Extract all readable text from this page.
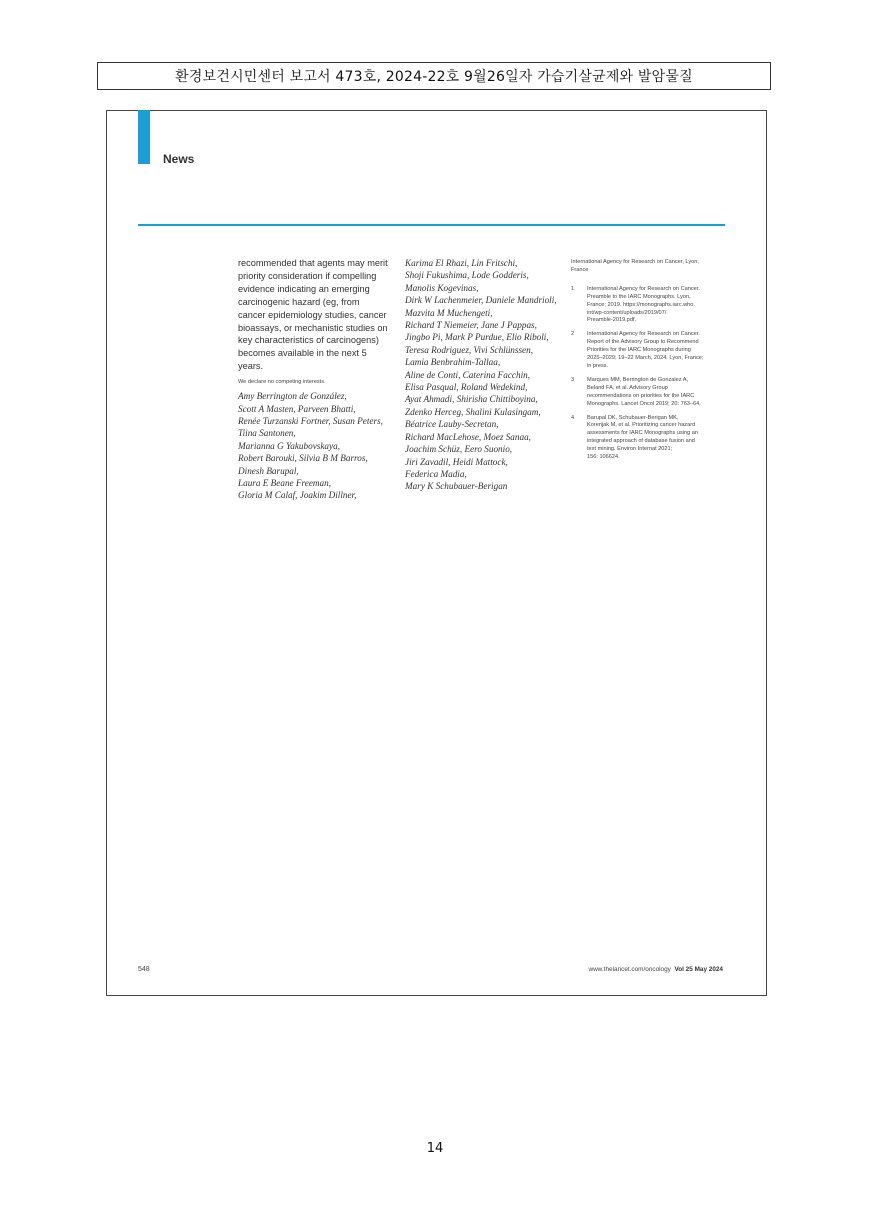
환경보건시민센터 보고서 473호, 2024-22호 9월26일자 가습기살균제와 발암물질
News

recommended that agents may merit
priority consideration if compelling
evidence indicating an emerging
carcinogenic hazard (eg, from
cancer epidemiology studies, cancer
bioassays, or mechanistic studies on
key characteristics of carcinogens)
becomes available in the next 5 years.

We declare no competing interests.
Amy Berrington de González,
Scott A Masten, Parveen Bhatti,
Renée Turzanski Fortner, Susan Peters,
Tiina Santonen,
Marianna G Yakubovskaya,
Robert Barouki, Silvia B M Barros,
Dinesh Barupal,
Laura E Beane Freeman,
Gloria M Calaf, Joakim Dillner,
Karima El Rhazi, Lin Fritschi,
Shoji Fukushima, Lode Godderis,
Manolis Kogevinas,
Dirk W Lachenmeier, Daniele Mandrioli,
Mazvita M Muchengeti,
Richard T Niemeier, Jane J Pappas,
Jingbo Pi, Mark P Purdue, Elio Riboli,
Teresa Rodriguez, Vivi Schlünssen,
Lamia Benbrahim-Tallaa,
Aline de Conti, Caterina Facchin,
Elisa Pasqual, Roland Wedekind,
Ayat Ahmadi, Shirisha Chittiboyina,
Zdenko Herceg, Shalini Kulasingam,
Béatrice Lauby-Secretan,
Richard MacLehose, Moez Sanaa,
Joachim Schüz, Eero Suonio,
Jiri Zavadil, Heidi Mattock,
Federica Madia,
Mary K Schubauer-Berigan
International Agency for Research on Cancer, Lyon,
France
1	International Agency for Research on Cancer.
Preamble to the IARC Monographs. Lyon,
France; 2019. https://monographs.iarc.who.
int/wp-content/uploads/2019/07/
Preamble-2019.pdf.
2	International Agency for Research on Cancer.
Report of the Advisory Group to Recommend
Priorities for the IARC Monographs during
2025–2029; 19–22 March, 2024. Lyon, France;
in press.
3	Marques MM, Berrington de Gonzalez A,
Beland FA, et al. Advisory Group
recommendations on priorities for the IARC
Monographs. Lancet Oncol 2019; 20: 763–64.
4	Barupal DK, Schubauer-Berigan MK,
Korenjak M, et al. Prioritizing cancer hazard
assessments for IARC Monographs using an
integrated approach of database fusion and
text mining. Environ Internat 2021;
156: 106624.
548	www.thelancet.com/oncology Vol 25 May 2024
14
